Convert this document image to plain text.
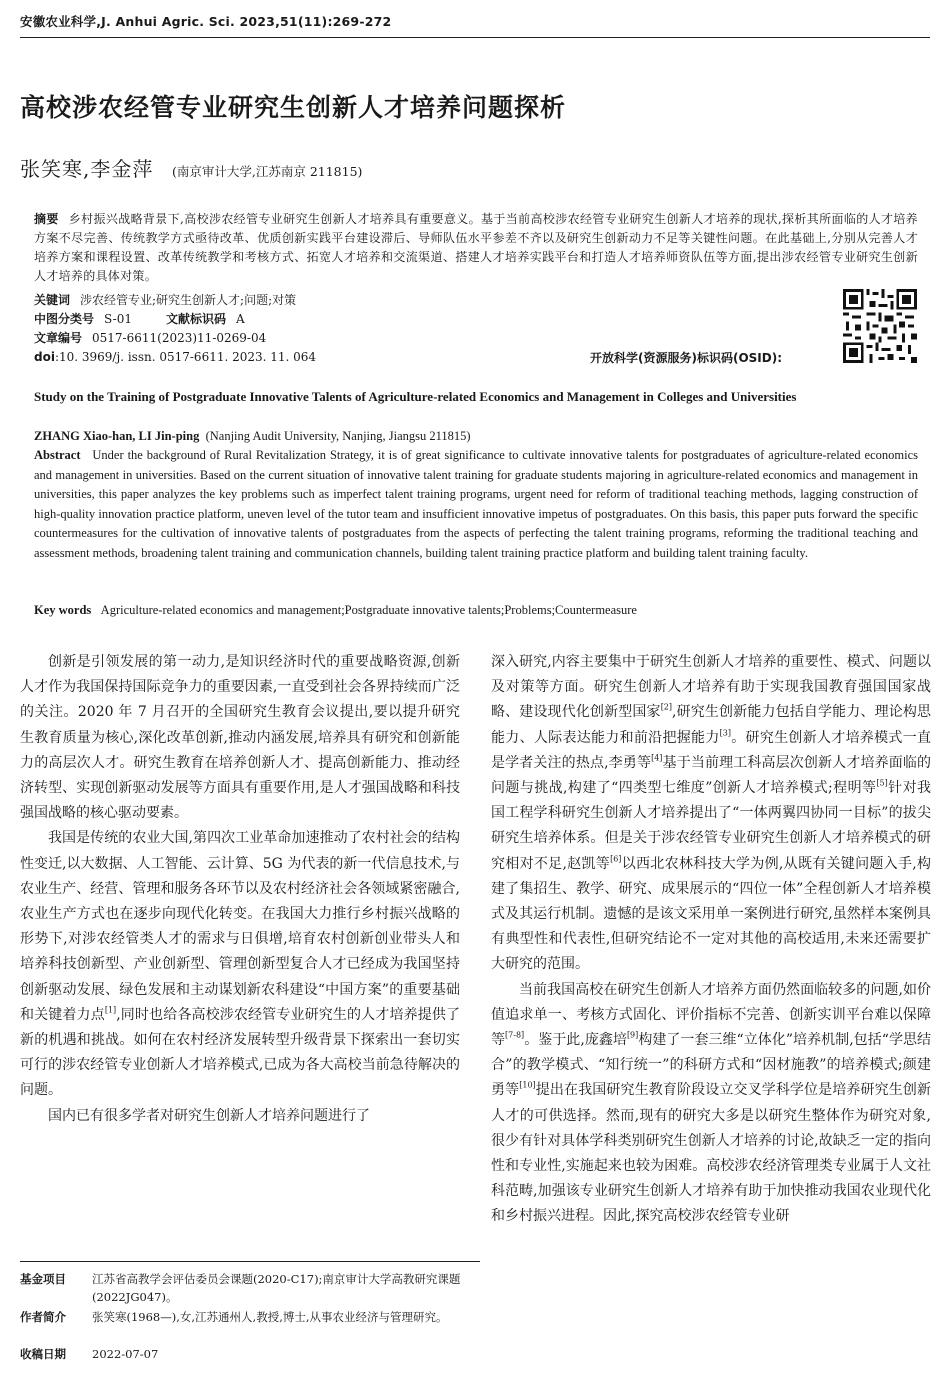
安徽农业科学,J. Anhui Agric. Sci. 2023,51(11):269-272
高校涉农经管专业研究生创新人才培养问题探析
张笑寒,李金萍 (南京审计大学,江苏南京 211815)
摘要 乡村振兴战略背景下,高校涉农经管专业研究生创新人才培养具有重要意义。基于当前高校涉农经管专业研究生创新人才培养的现状,探析其所面临的人才培养方案不尽完善、传统教学方式亟待改革、优质创新实践平台建设滞后、导师队伍水平参差不齐以及研究生创新动力不足等关键性问题。在此基础上,分别从完善人才培养方案和课程设置、改革传统教学和考核方式、拓宽人才培养和交流渠道、搭建人才培养实践平台和打造人才培养师资队伍等方面,提出涉农经管专业研究生创新人才培养的具体对策。
关键词 涉农经管专业;研究生创新人才;问题;对策
中图分类号 S-01	文献标识码 A
文章编号 0517-6611(2023)11-0269-04
doi:10. 3969/j. issn. 0517-6611. 2023. 11. 064	开放科学(资源服务)标识码(OSID):
Study on the Training of Postgraduate Innovative Talents of Agriculture-related Economics and Management in Colleges and Universities
ZHANG Xiao-han, LI Jin-ping (Nanjing Audit University, Nanjing, Jiangsu 211815)
Abstract Under the background of Rural Revitalization Strategy, it is of great significance to cultivate innovative talents for postgraduates of agriculture-related economics and management in universities. Based on the current situation of innovative talent training for graduate students majoring in agriculture-related economics and management in universities, this paper analyzes the key problems such as imperfect talent training programs, urgent need for reform of traditional teaching methods, lagging construction of high-quality innovation practice platform, uneven level of the tutor team and insufficient innovative impetus of postgraduates. On this basis, this paper puts forward the specific countermeasures for the cultivation of innovative talents of postgraduates from the aspects of perfecting the talent training programs, reforming the traditional teaching and assessment methods, broadening talent training and communication channels, building talent training practice platform and building talent training faculty.
Key words Agriculture-related economics and management;Postgraduate innovative talents;Problems;Countermeasure

创新是引领发展的第一动力,是知识经济时代的重要战略资源,创新人才作为我国保持国际竞争力的重要因素,一直受到社会各界持续而广泛的关注。2020 年 7 月召开的全国研究生教育会议提出,要以提升研究生教育质量为核心,深化改革创新,推动内涵发展,培养具有研究和创新能力的高层次人才。研究生教育在培养创新人才、提高创新能力、推动经济转型、实现创新驱动发展等方面具有重要作用,是人才强国战略和科技强国战略的核心驱动要素。

我国是传统的农业大国,第四次工业革命加速推动了农村社会的结构性变迁,以大数据、人工智能、云计算、5G 为代表的新一代信息技术,与农业生产、经营、管理和服务各环节以及农村经济社会各领域紧密融合,农业生产方式也在逐步向现代化转变。在我国大力推行乡村振兴战略的形势下,对涉农经管类人才的需求与日俱增,培育农村创新创业带头人和培养科技创新型、产业创新型、管理创新型复合人才已经成为我国坚持创新驱动发展、绿色发展和主动谋划新农科建设“中国方案”的重要基础和关键着力点[1],同时也给各高校涉农经管专业研究生的人才培养提供了新的机遇和挑战。如何在农村经济发展转型升级背景下探索出一套切实可行的涉农经管专业创新人才培养模式,已成为各大高校当前急待解决的问题。

国内已有很多学者对研究生创新人才培养问题进行了

深入研究,内容主要集中于研究生创新人才培养的重要性、模式、问题以及对策等方面。研究生创新人才培养有助于实现我国教育强国国家战略、建设现代化创新型国家[2],研究生创新能力包括自学能力、理论构思能力、人际表达能力和前沿把握能力[3]。研究生创新人才培养模式一直是学者关注的热点,李勇等[4]基于当前理工科高层次创新人才培养面临的问题与挑战,构建了“四类型七维度”创新人才培养模式;程明等[5]针对我国工程学科研究生创新人才培养提出了“一体两翼四协同一目标”的拔尖研究生培养体系。但是关于涉农经管专业研究生创新人才培养模式的研究相对不足,赵凯等[6]以西北农林科技大学为例,从既有关键问题入手,构建了集招生、教学、研究、成果展示的“四位一体”全程创新人才培养模式及其运行机制。遗憾的是该文采用单一案例进行研究,虽然样本案例具有典型性和代表性,但研究结论不一定对其他的高校适用,未来还需要扩大研究的范围。

当前我国高校在研究生创新人才培养方面仍然面临较多的问题,如价值追求单一、考核方式固化、评价指标不完善、创新实训平台难以保障等[7-8]。鉴于此,庞鑫培[9]构建了一套三维“立体化”培养机制,包括“学思结合”的教学模式、“知行统一”的科研方式和“因材施教”的培养模式;颜建勇等[10]提出在我国研究生教育阶段设立交叉学科学位是培养研究生创新人才的可供选择。然而,现有的研究大多是以研究生整体作为研究对象,很少有针对具体学科类别研究生创新人才培养的讨论,故缺乏一定的指向性和专业性,实施起来也较为困难。高校涉农经济管理类专业属于人文社科范畴,加强该专业研究生创新人才培养有助于加快推动我国农业现代化和乡村振兴进程。因此,探究高校涉农经管专业研

基金项目 江苏省高教学会评估委员会课题(2020-C17);南京审计大学高教研究课题(2022JG047)。
作者简介 张笑寒(1968—),女,江苏通州人,教授,博士,从事农业经济与管理研究。
收稿日期 2022-07-07
